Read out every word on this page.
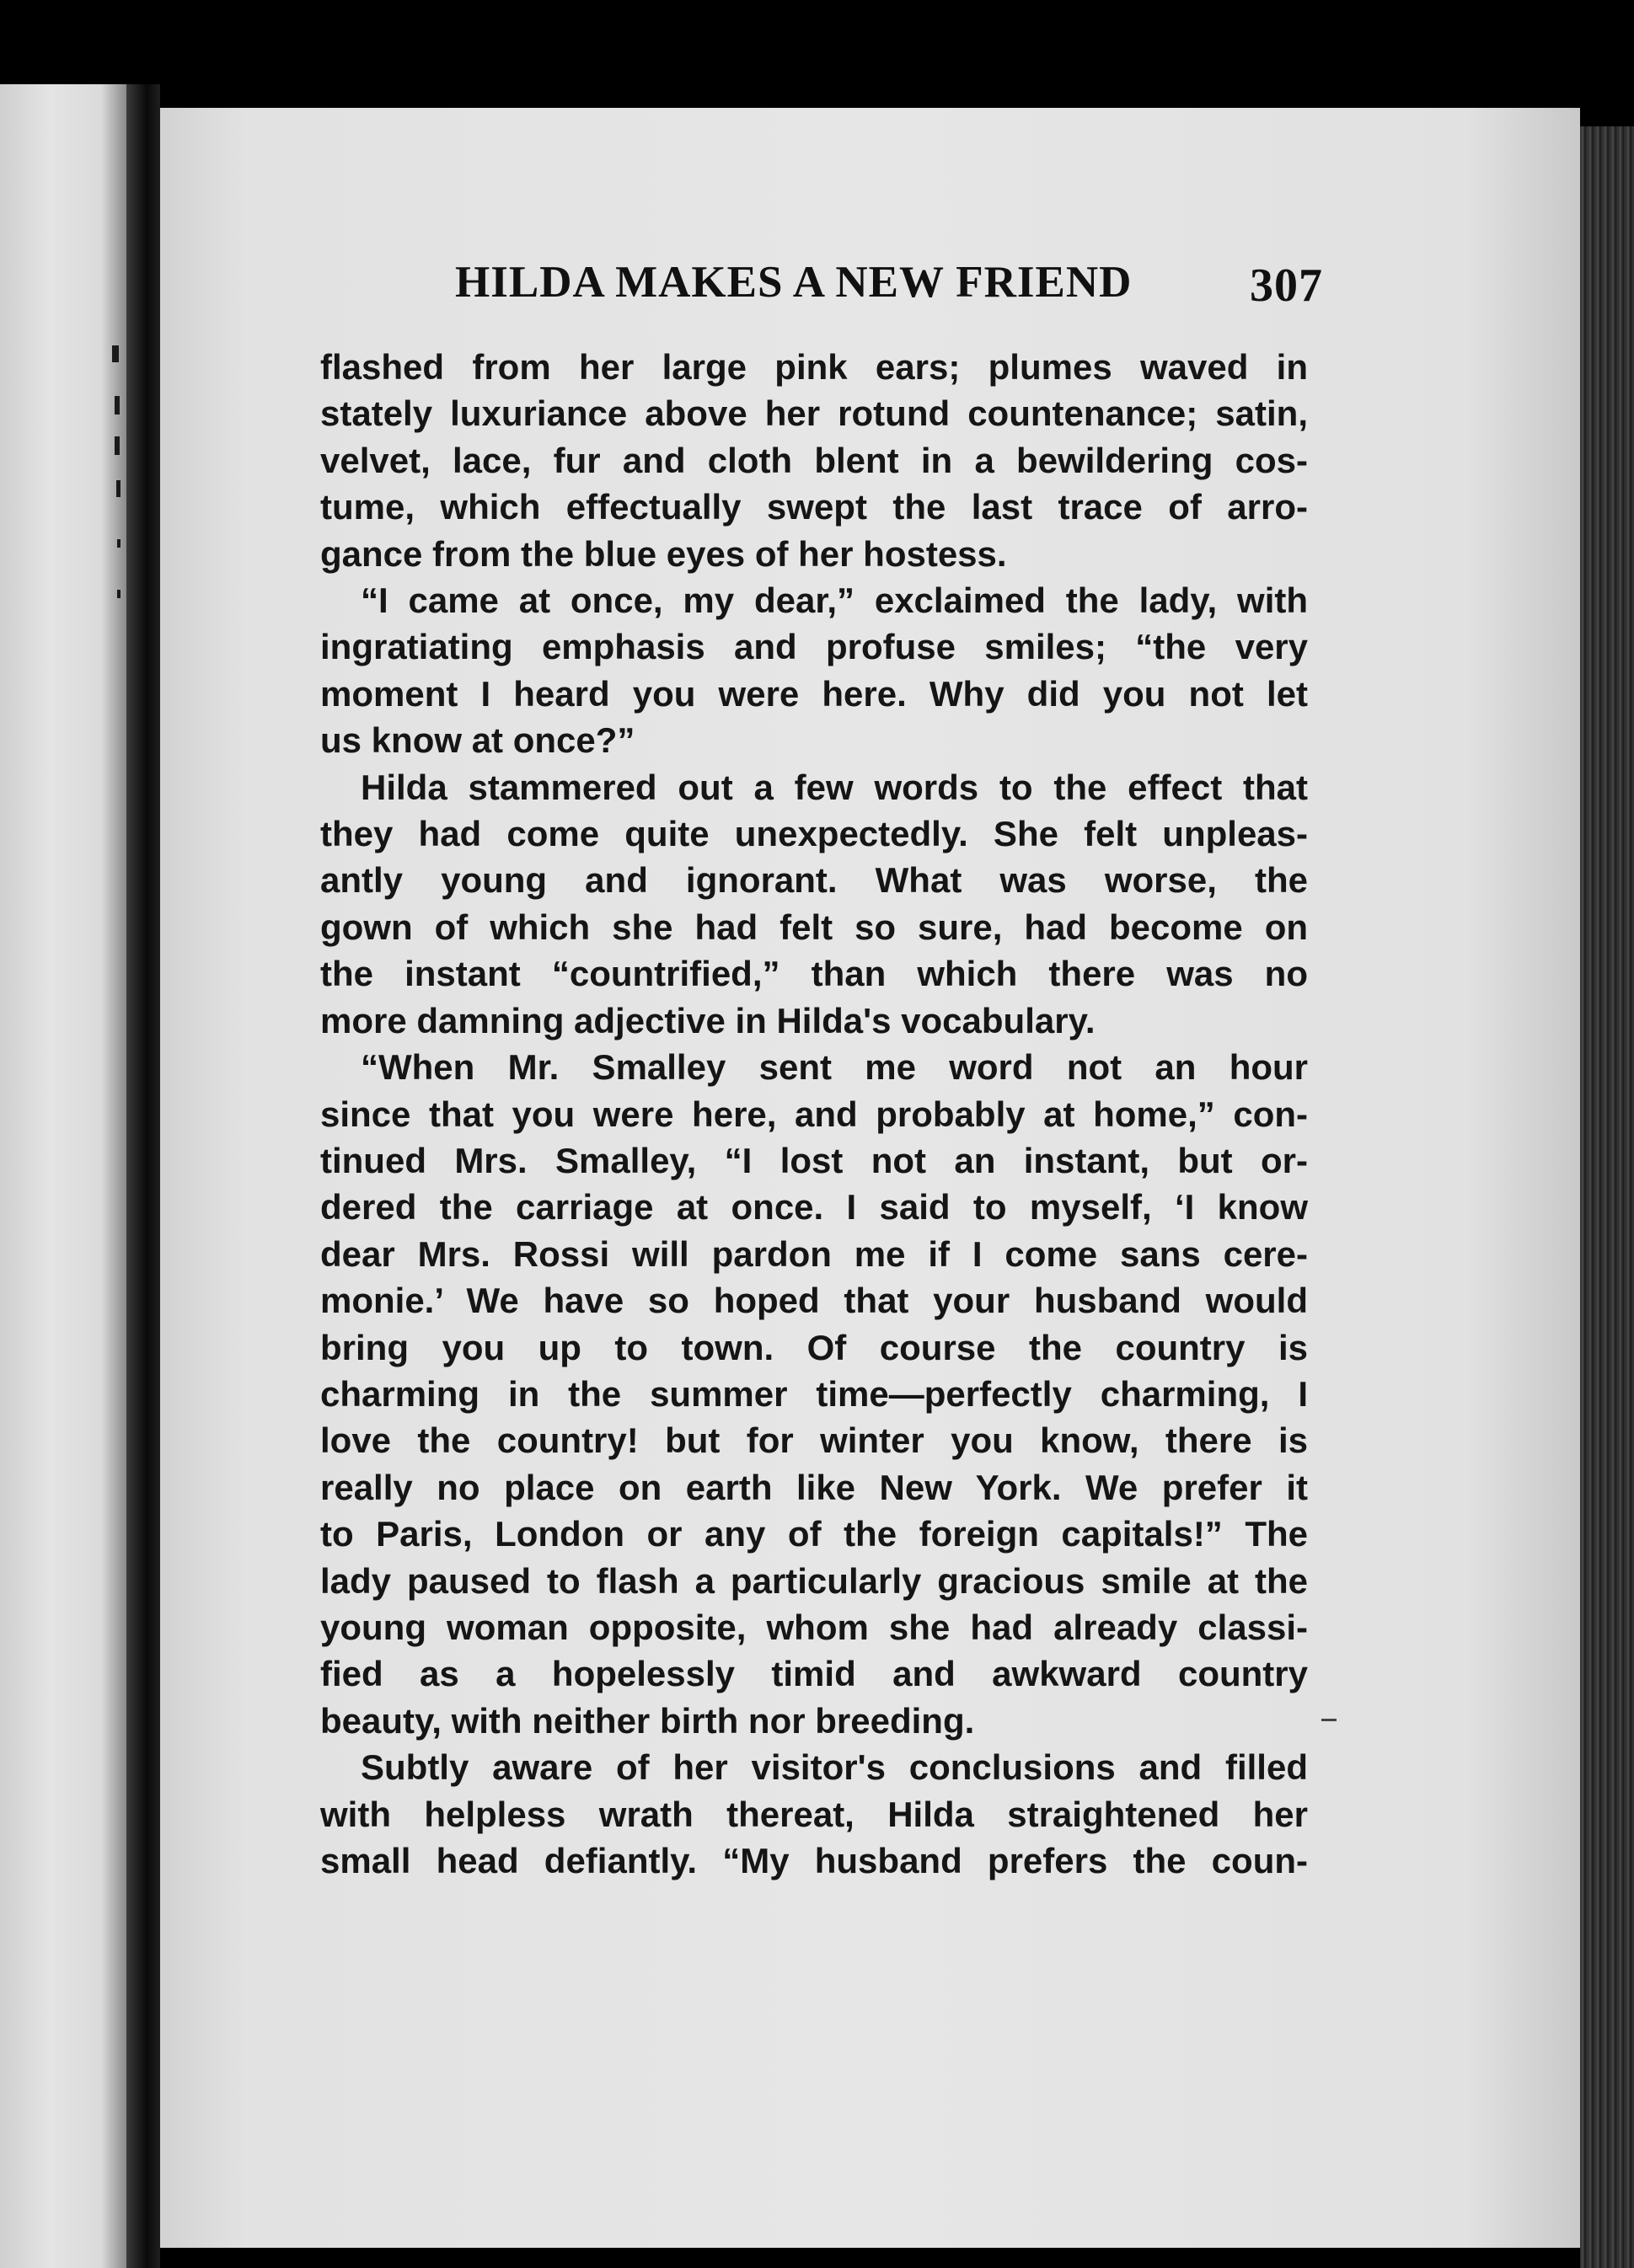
HILDA MAKES A NEW FRIEND 307
flashed from her large pink ears; plumes waved in
stately luxuriance above her rotund countenance; satin,
velvet, lace, fur and cloth blent in a bewildering cos-
tume, which effectually swept the last trace of arro-
gance from the blue eyes of her hostess.
“I came at once, my dear,” exclaimed the lady, with
ingratiating emphasis and profuse smiles; “the very
moment I heard you were here. Why did you not let
us know at once?”
Hilda stammered out a few words to the effect that
they had come quite unexpectedly. She felt unpleas-
antly young and ignorant. What was worse, the
gown of which she had felt so sure, had become on
the instant “countrified,” than which there was no
more damning adjective in Hilda's vocabulary.
“When Mr. Smalley sent me word not an hour
since that you were here, and probably at home,” con-
tinued Mrs. Smalley, “I lost not an instant, but or-
dered the carriage at once. I said to myself, ‘I know
dear Mrs. Rossi will pardon me if I come sans cere-
monie.’ We have so hoped that your husband would
bring you up to town. Of course the country is
charming in the summer time—perfectly charming, I
love the country! but for winter you know, there is
really no place on earth like New York. We prefer it
to Paris, London or any of the foreign capitals!” The
lady paused to flash a particularly gracious smile at the
young woman opposite, whom she had already classi-
fied as a hopelessly timid and awkward country
beauty, with neither birth nor breeding.
Subtly aware of her visitor's conclusions and filled
with helpless wrath thereat, Hilda straightened her
small head defiantly. “My husband prefers the coun-
